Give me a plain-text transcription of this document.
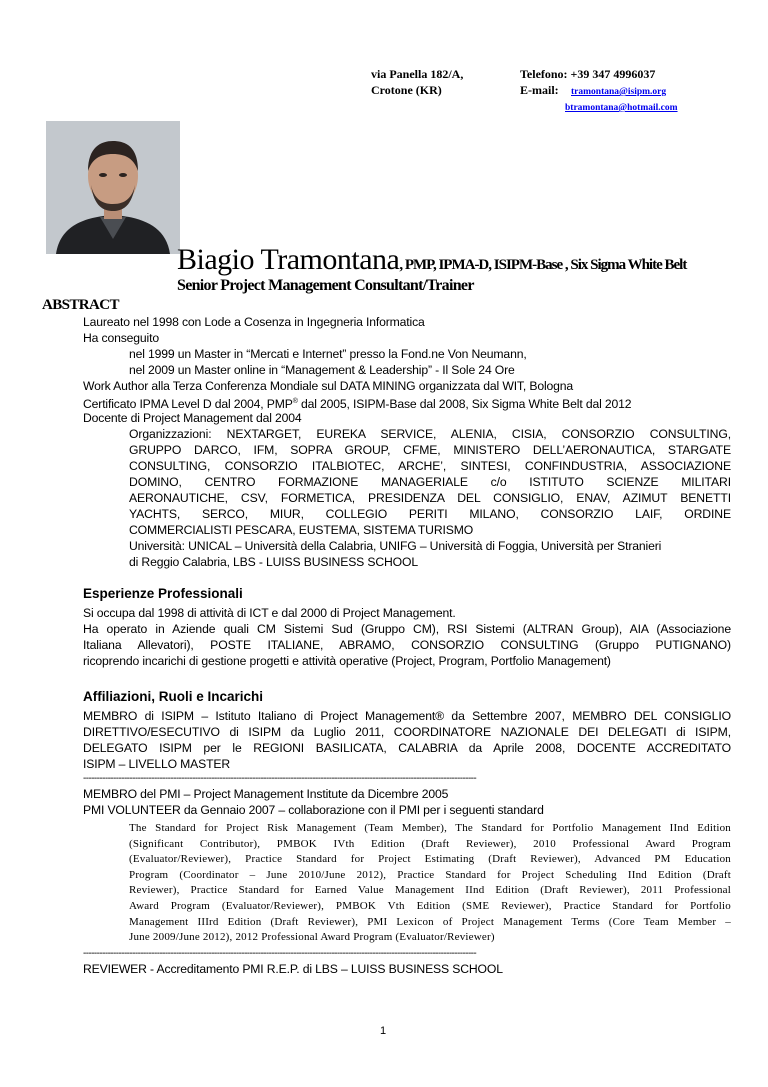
via Panella 182/A,
Crotone (KR)
Telefono: +39 347 4996037
E-mail: tramontana@isipm.org
btramontana@hotmail.com
Biagio Tramontana, PMP, IPMA-D, ISIPM-Base , Six Sigma White Belt
Senior Project Management Consultant/Trainer
ABSTRACT
Laureato nel 1998 con Lode a Cosenza in Ingegneria Informatica
Ha conseguito
nel 1999 un Master in “Mercati e Internet” presso la Fond.ne Von Neumann,
nel 2009 un Master online in “Management & Leadership” - Il Sole 24 Ore
Work Author alla Terza Conferenza Mondiale sul DATA MINING organizzata dal WIT, Bologna
Certificato IPMA Level D dal 2004, PMP® dal 2005, ISIPM-Base dal 2008, Six Sigma White Belt dal 2012
Docente di Project Management dal 2004
Organizzazioni: NEXTARGET, EUREKA SERVICE, ALENIA, CISIA, CONSORZIO CONSULTING,
GRUPPO DARCO, IFM, SOPRA GROUP, CFME, MINISTERO DELL’AERONAUTICA, STARGATE
CONSULTING, CONSORZIO ITALBIOTEC, ARCHE’, SINTESI, CONFINDUSTRIA, ASSOCIAZIONE
DOMINO, CENTRO FORMAZIONE MANAGERIALE c/o ISTITUTO SCIENZE MILITARI
AERONAUTICHE, CSV, FORMETICA, PRESIDENZA DEL CONSIGLIO, ENAV, AZIMUT BENETTI
YACHTS, SERCO, MIUR, COLLEGIO PERITI MILANO, CONSORZIO LAIF, ORDINE
COMMERCIALISTI PESCARA, EUSTEMA, SISTEMA TURISMO
Università: UNICAL – Università della Calabria, UNIFG – Università di Foggia, Università per Stranieri
di Reggio Calabria, LBS - LUISS BUSINESS SCHOOL
Esperienze Professionali
Si occupa dal 1998 di attività di ICT e dal 2000 di Project Management.
Ha operato in Aziende quali CM Sistemi Sud (Gruppo CM), RSI Sistemi (ALTRAN Group), AIA (Associazione
Italiana Allevatori), POSTE ITALIANE, ABRAMO, CONSORZIO CONSULTING (Gruppo PUTIGNANO)
ricoprendo incarichi di gestione progetti e attività operative (Project, Program, Portfolio Management)
Affiliazioni, Ruoli e Incarichi
MEMBRO di ISIPM – Istituto Italiano di Project Management® da Settembre 2007, MEMBRO DEL CONSIGLIO
DIRETTIVO/ESECUTIVO di ISIPM da Luglio 2011, COORDINATORE NAZIONALE DEI DELEGATI di ISIPM,
DELEGATO ISIPM per le REGIONI BASILICATA, CALABRIA da Aprile 2008, DOCENTE ACCREDITATO
ISIPM – LIVELLO MASTER
------------------------------------------------------------------------------------------------------------------------------------------------
MEMBRO del PMI – Project Management Institute da Dicembre 2005
PMI VOLUNTEER da Gennaio 2007 – collaborazione con il PMI per i seguenti standard
The Standard for Project Risk Management (Team Member), The Standard for Portfolio Management IInd Edition
(Significant Contributor), PMBOK IVth Edition (Draft Reviewer), 2010 Professional Award Program
(Evaluator/Reviewer), Practice Standard for Project Estimating (Draft Reviewer), Advanced PM Education
Program (Coordinator – June 2010/June 2012), Practice Standard for Project Scheduling IInd Edition (Draft
Reviewer), Practice Standard for Earned Value Management IInd Edition (Draft Reviewer), 2011 Professional
Award Program (Evaluator/Reviewer), PMBOK Vth Edition (SME Reviewer), Practice Standard for Portfolio
Management IIIrd Edition (Draft Reviewer), PMI Lexicon of Project Management Terms (Core Team Member –
June 2009/June 2012), 2012 Professional Award Program (Evaluator/Reviewer)
------------------------------------------------------------------------------------------------------------------------------------------------
REVIEWER - Accreditamento PMI R.E.P. di LBS – LUISS BUSINESS SCHOOL
1
